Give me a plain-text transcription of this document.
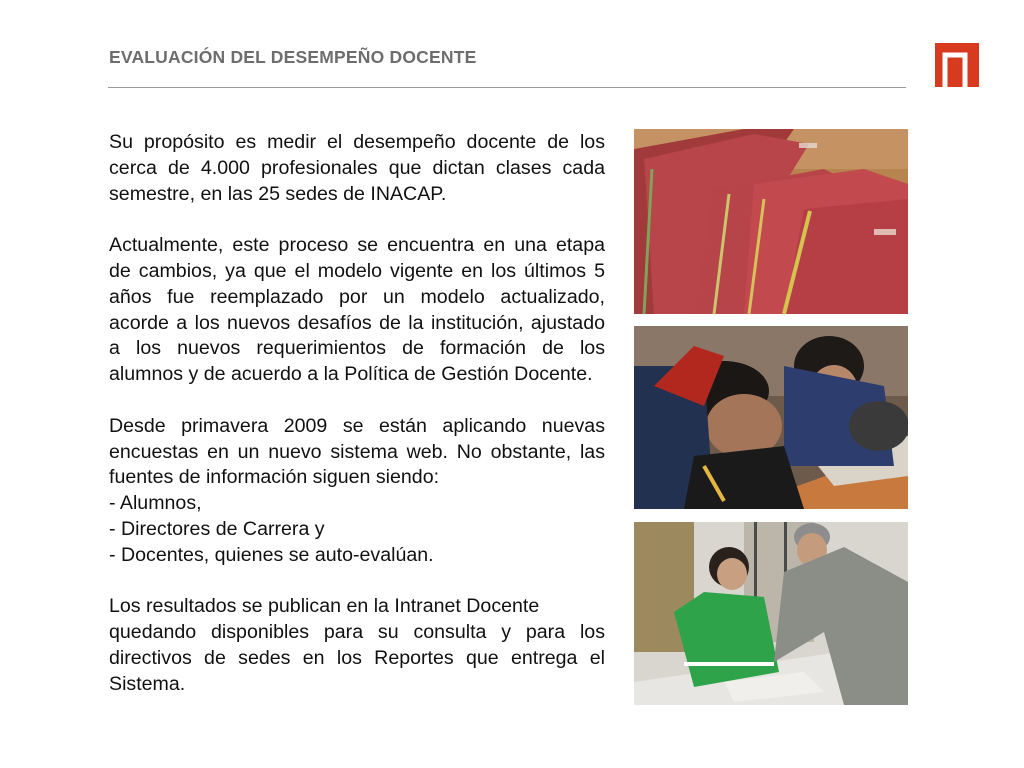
EVALUACIÓN DEL DESEMPEÑO DOCENTE

Su propósito es medir el desempeño docente de los cerca de 4.000 profesionales que dictan clases cada semestre, en las 25 sedes de INACAP.

Actualmente, este proceso se encuentra en una etapa de cambios, ya que el modelo vigente en los últimos 5 años fue reemplazado por un modelo actualizado, acorde a los nuevos desafíos de la institución, ajustado a los nuevos requerimientos de formación de los alumnos y de acuerdo a la Política de Gestión Docente.

Desde primavera 2009 se están aplicando nuevas encuestas en un nuevo sistema web. No obstante, las fuentes de información siguen siendo:

- Alumnos,

- Directores de Carrera y

- Docentes, quienes se auto-evalúan.

Los resultados se publican en la Intranet Docente

quedando disponibles para su consulta y para los directivos de sedes en los Reportes que entrega el Sistema.
